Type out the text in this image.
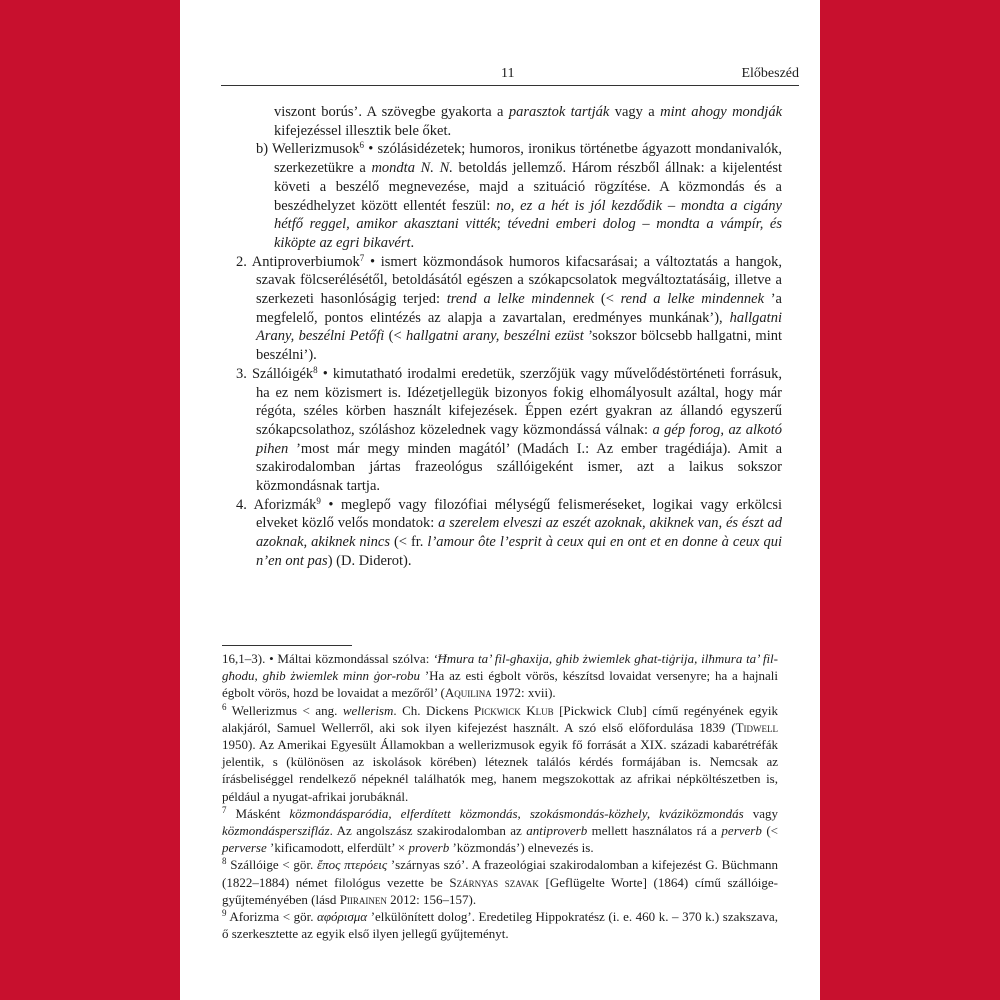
11	Előbeszéd

viszont borús’. A szövegbe gyakorta a parasztok tartják vagy a mint ahogy mondják kifejezéssel illesztik bele őket.

b) Wellerizmusok$^6$ • szólásidézetek; humoros, ironikus történetbe ágyazott mondanivalók, szerkezetükre a mondta N. N. betoldás jellemző. Három részből állnak: a kijelentést követi a beszélő megnevezése, majd a szituáció rögzítése. A közmondás és a beszédhelyzet között ellentét feszül: no, ez a hét is jól kezdődik – mondta a cigány hétfő reggel, amikor akasztani vitték; tévedni emberi dolog – mondta a vámpír, és kiköpte az egri bikavért.

2. Antiproverbiumok$^7$ • ismert közmondások humoros kifacsarásai; a változtatás a hangok, szavak fölcserélésétől, betoldásától egészen a szókapcsolatok megváltoztatásáig, illetve a szerkezeti hasonlóságig terjed: trend a lelke mindennek (< rend a lelke mindennek ’a megfelelő, pontos elintézés az alapja a zavartalan, eredményes munkának’), hallgatni Arany, beszélni Petőfi (< hallgatni arany, beszélni ezüst ’sokszor bölcsebb hallgatni, mint beszélni’).

3. Szállóigék$^8$ • kimutatható irodalmi eredetük, szerzőjük vagy művelődéstörténeti forrásuk, ha ez nem közismert is. Idézetjellegük bizonyos fokig elhomályosult azáltal, hogy már régóta, széles körben használt kifejezések. Éppen ezért gyakran az állandó egyszerű szókapcsolathoz, szóláshoz közelednek vagy közmondássá válnak: a gép forog, az alkotó pihen ’most már megy minden magától’ (Madách I.: Az ember tragédiája). Amit a szakirodalomban jártas frazeológus szállóigeként ismer, azt a laikus sokszor közmondásnak tartja.

4. Aforizmák$^9$ • meglepő vagy filozófiai mélységű felismeréseket, logikai vagy erkölcsi elveket közlő velős mondatok: a szerelem elveszi az eszét azoknak, akiknek van, és észt ad azoknak, akiknek nincs (< fr. l’amour ôte l’esprit à ceux qui en ont et en donne à ceux qui n’en ont pas) (D. Diderot).

16,1–3). • Máltai közmondással szólva: ‘Ħmura ta’ fil-għaxija, għib żwiemlek għat-tiġrija, ilħmura ta’ fil-għodu, għib żwiemlek minn ġor-robu ’Ha az esti égbolt vörös, készítsd lovaidat versenyre; ha a hajnali égbolt vörös, hozd be lovaidat a mezőről’ (Aquilina 1972: xvii).

$^6$ Wellerizmus < ang. wellerism. Ch. Dickens Pickwick Klub [Pickwick Club] című regényének egyik alakjáról, Samuel Wellerről, aki sok ilyen kifejezést használt. A szó első előfordulása 1839 (Tidwell 1950). Az Amerikai Egyesült Államokban a wellerizmusok egyik fő forrását a XIX. századi kabarétréfák jelentik, s (különösen az iskolások körében) léteznek találós kérdés formájában is. Nemcsak az írásbeliséggel rendelkező népeknél találhatók meg, hanem megszokottak az afrikai népköltészetben is, például a nyugat-afrikai jorubáknál.

$^7$ Másként közmondásparódia, elferdített közmondás, szokásmondás-közhely, kváziközmondás vagy közmondásperszifláz. Az angolszász szakirodalomban az antiproverb mellett használatos rá a perverb (< perverse ’kificamodott, elferdült’ × proverb ’közmondás’) elnevezés is.

$^8$ Szállóige < gör. ἔπος πτερόεις ’szárnyas szó’. A frazeológiai szakirodalomban a kifejezést G. Büchmann (1822–1884) német filológus vezette be Szárnyas szavak [Geflügelte Worte] (1864) című szállóige-gyűjteményében (lásd Piirainen 2012: 156–157).

$^9$ Aforizma < gör. αφόρισμα ’elkülönített dolog’. Eredetileg Hippokratész (i. e. 460 k. – 370 k.) szakszava, ő szerkesztette az egyik első ilyen jellegű gyűjteményt.
